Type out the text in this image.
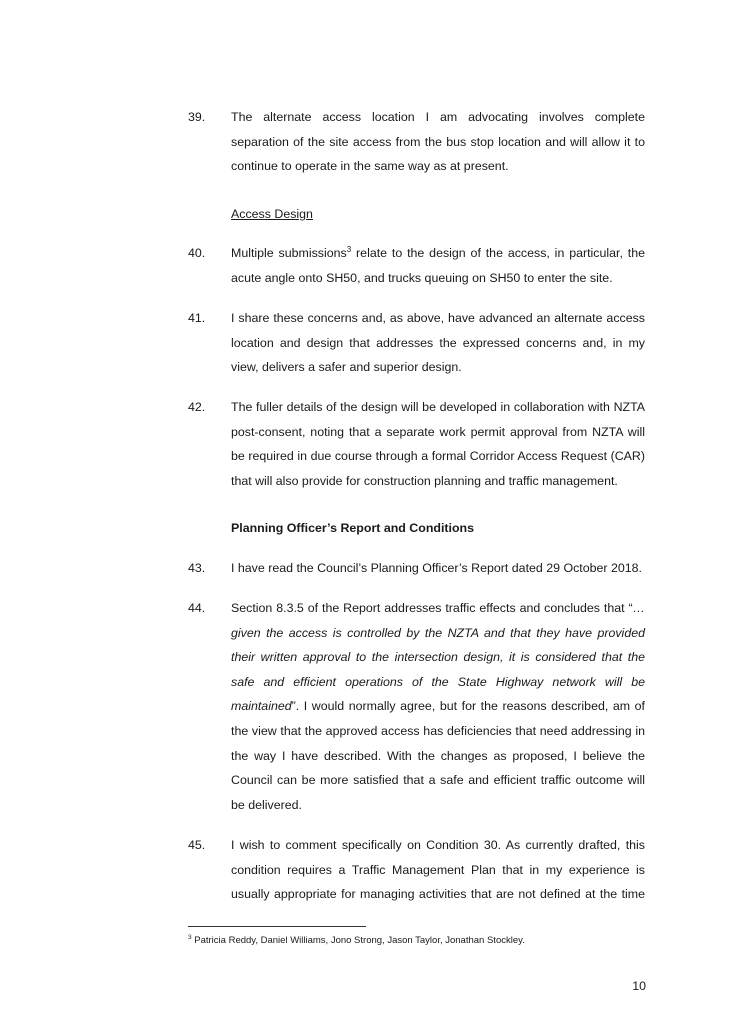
39.	The alternate access location I am advocating involves complete separation of the site access from the bus stop location and will allow it to continue to operate in the same way as at present.
Access Design
40.	Multiple submissions$^3$ relate to the design of the access, in particular, the acute angle onto SH50, and trucks queuing on SH50 to enter the site.
41.	I share these concerns and, as above, have advanced an alternate access location and design that addresses the expressed concerns and, in my view, delivers a safer and superior design.
42.	The fuller details of the design will be developed in collaboration with NZTA post-consent, noting that a separate work permit approval from NZTA will be required in due course through a formal Corridor Access Request (CAR) that will also provide for construction planning and traffic management.
Planning Officer’s Report and Conditions
43.	I have read the Council’s Planning Officer’s Report dated 29 October 2018.
44.	Section 8.3.5 of the Report addresses traffic effects and concludes that “…given the access is controlled by the NZTA and that they have provided their written approval to the intersection design, it is considered that the safe and efficient operations of the State Highway network will be maintained”. I would normally agree, but for the reasons described, am of the view that the approved access has deficiencies that need addressing in the way I have described. With the changes as proposed, I believe the Council can be more satisfied that a safe and efficient traffic outcome will be delivered.
45.	I wish to comment specifically on Condition 30. As currently drafted, this condition requires a Traffic Management Plan that in my experience is usually appropriate for managing activities that are not defined at the time
$^3$ Patricia Reddy, Daniel Williams, Jono Strong, Jason Taylor, Jonathan Stockley.
10
